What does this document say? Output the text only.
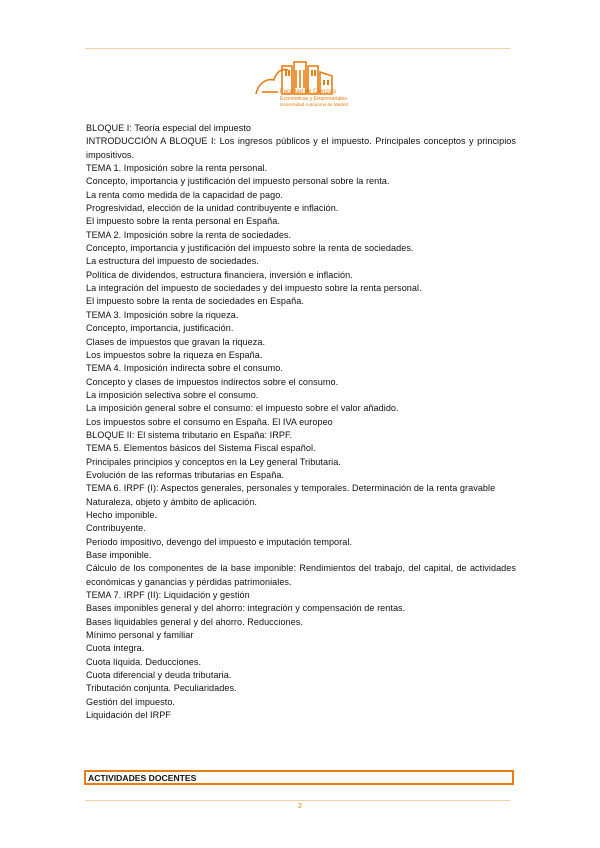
Facultad de Ciencias
Económicas y Empresariales
Universidad Autónoma de Madrid

BLOQUE I: Teoría especial del impuesto

INTRODUCCIÓN A BLOQUE I: Los ingresos públicos y el impuesto. Principales conceptos y principios impositivos.

TEMA 1. Imposición sobre la renta personal.

Concepto, importancia y justificación del impuesto personal sobre la renta.

La renta como medida de la capacidad de pago.

Progresividad, elección de la unidad contribuyente e inflación.

El impuesto sobre la renta personal en España.

TEMA 2. Imposición sobre la renta de sociedades.

Concepto, importancia y justificación del impuesto sobre la renta de sociedades.

La estructura del impuesto de sociedades.

Política de dividendos, estructura financiera, inversión e inflación.

La integración del impuesto de sociedades y del impuesto sobre la renta personal.

El impuesto sobre la renta de sociedades en España.

TEMA 3. Imposición sobre la riqueza.

Concepto, importancia, justificación.

Clases de impuestos que gravan la riqueza.

Los impuestos sobre la riqueza en España.

TEMA 4. Imposición indirecta sobre el consumo.

Concepto y clases de impuestos indirectos sobre el consumo.

La imposición selectiva sobre el consumo.

La imposición general sobre el consumo: el impuesto sobre el valor añadido.

Los impuestos sobre el consumo en España. El IVA europeo

BLOQUE II: El sistema tributario en España: IRPF.

TEMA 5. Elementos básicos del Sistema Fiscal español.

Principales principios y conceptos en la Ley general Tributaria.

Evolución de las reformas tributarias en España.

TEMA 6. IRPF (I): Aspectos generales, personales y temporales. Determinación de la renta gravable

Naturaleza, objeto y ámbito de aplicación.

Hecho imponible.

Contribuyente.

Periodo impositivo, devengo del impuesto e imputación temporal.

Base imponible.

Cálculo de los componentes de la base imponible: Rendimientos del trabajo, del capital, de actividades económicas y ganancias y pérdidas patrimoniales.

TEMA 7. IRPF (II): Liquidación y gestión

Bases imponibles general y del ahorro: integración y compensación de rentas.

Bases liquidables general y del ahorro. Reducciones.

Mínimo personal y familiar

Cuota íntegra.

Cuota líquida. Deducciones.

Cuota diferencial y deuda tributaria.

Tributación conjunta. Peculiaridades.

Gestión del impuesto.

Liquidación del IRPF

ACTIVIDADES DOCENTES
2
